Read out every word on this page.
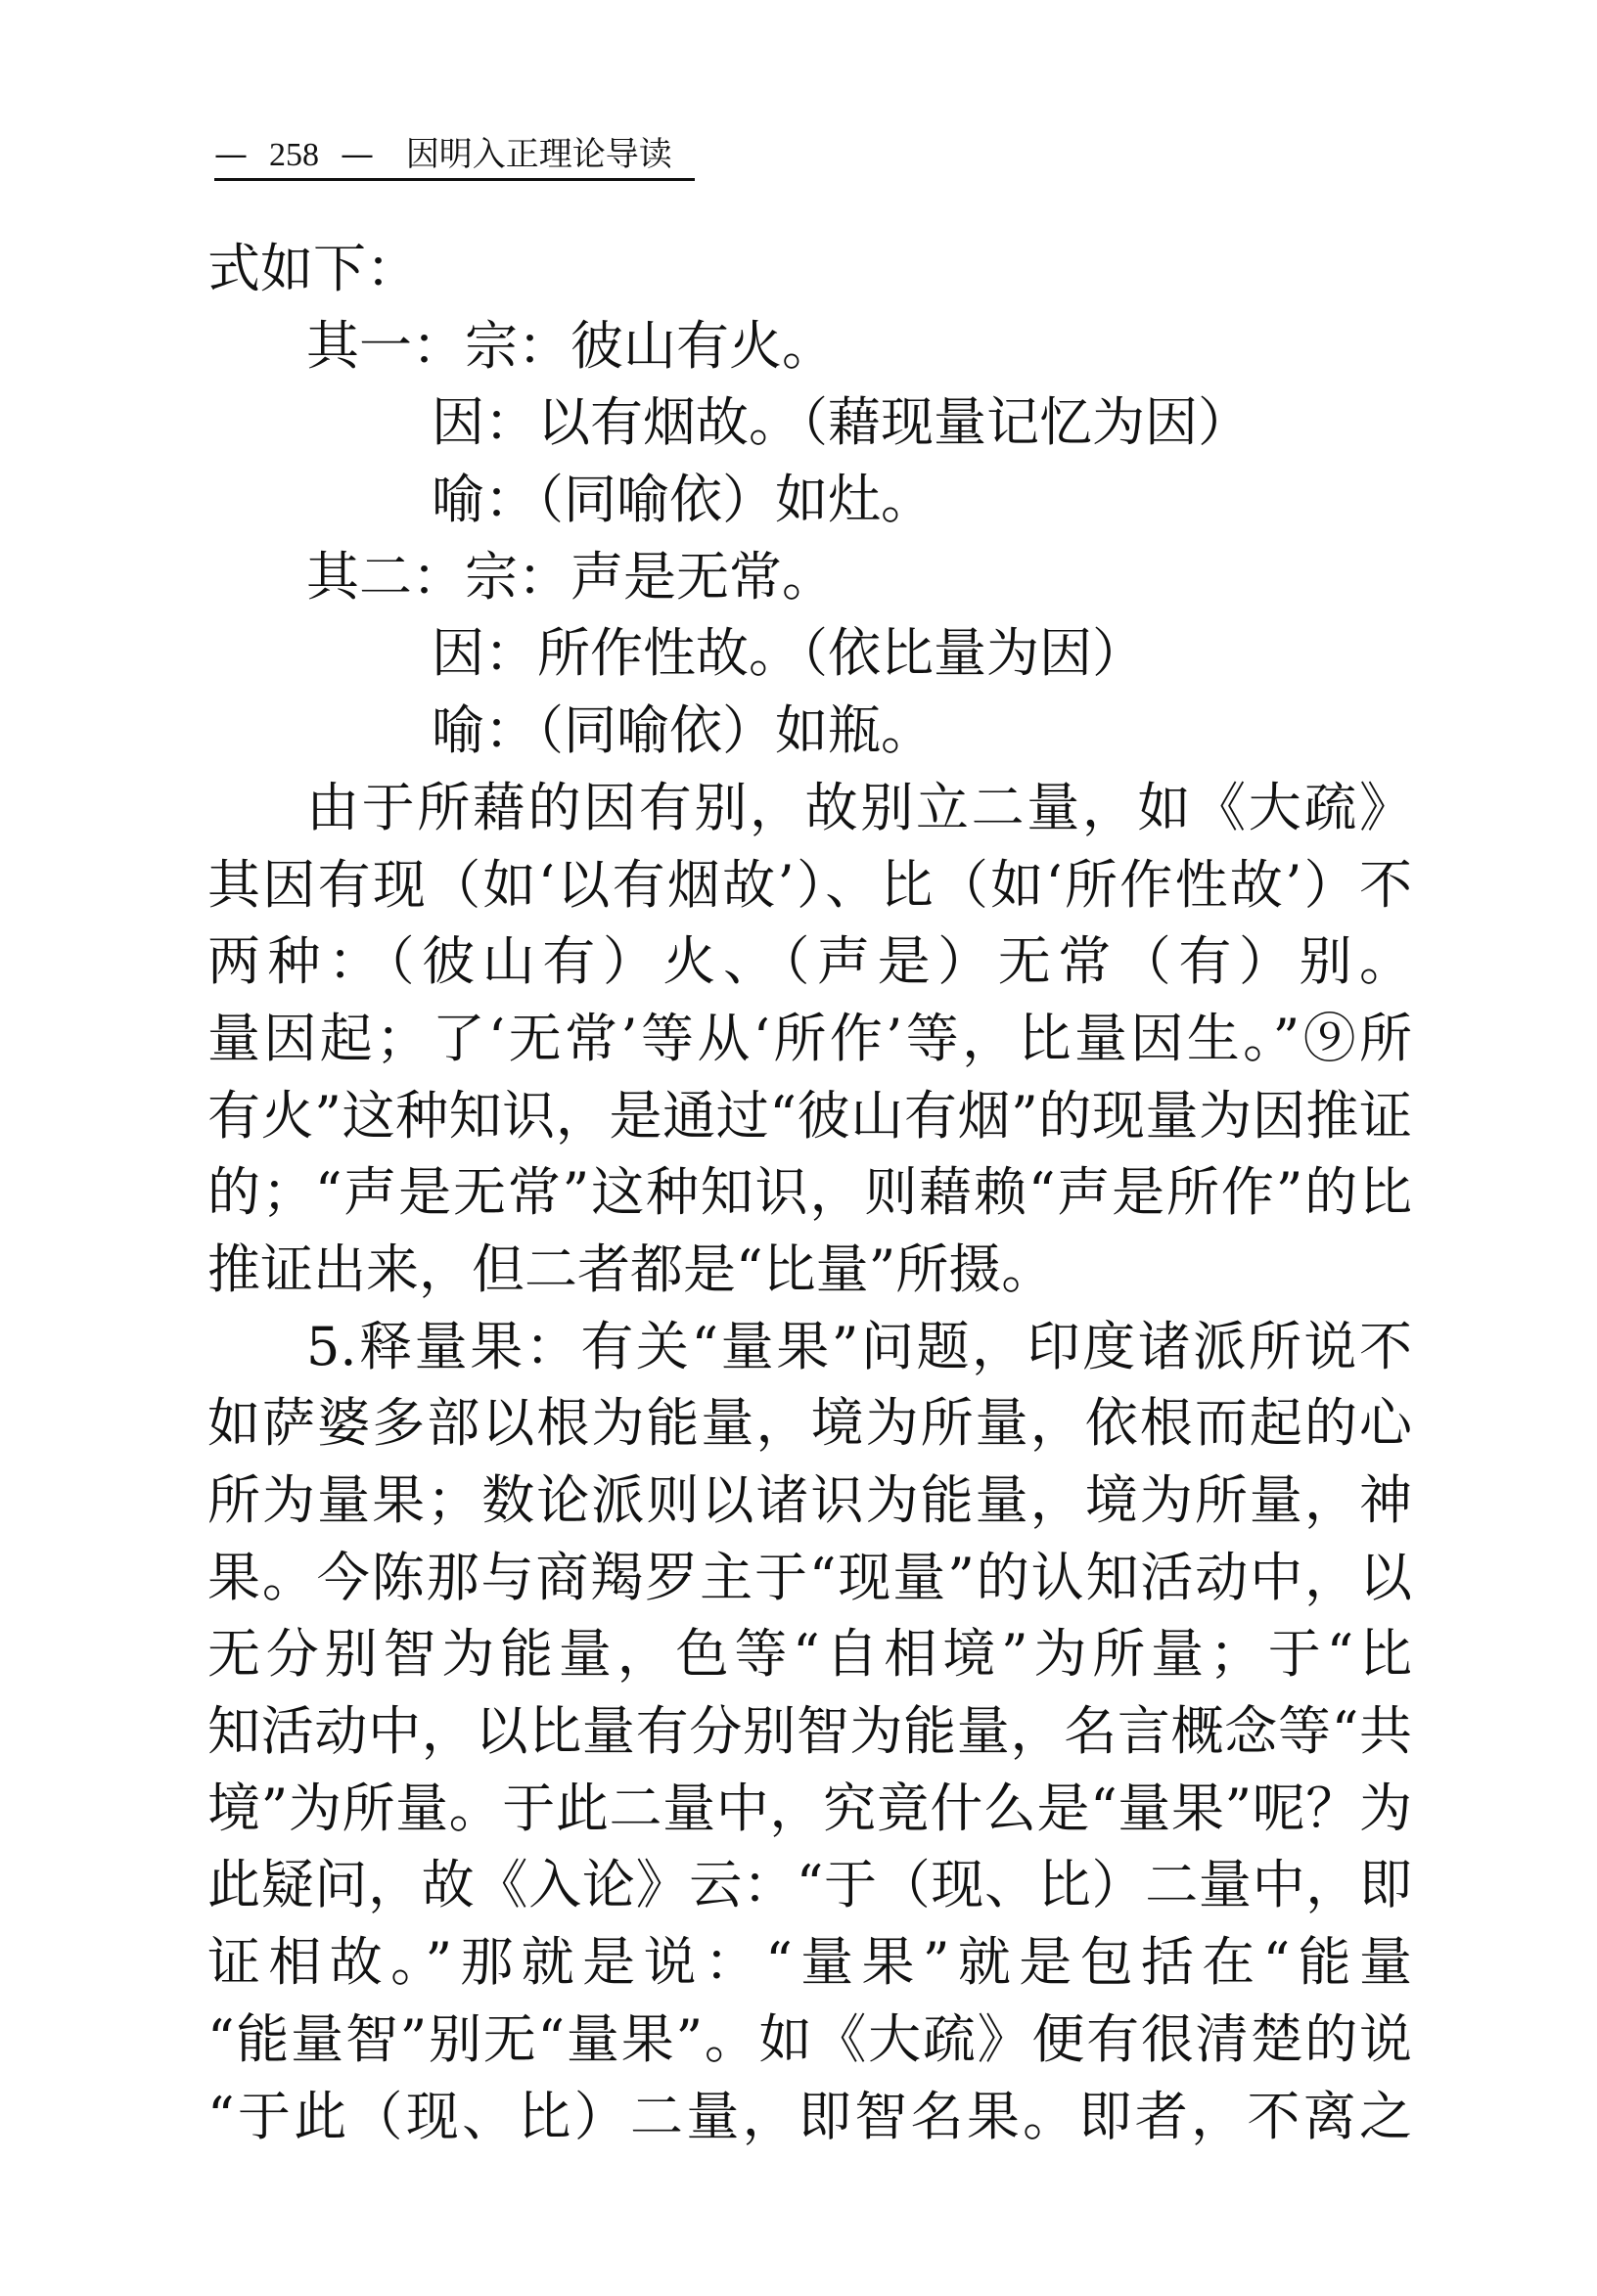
— 258 — 因明入正理论导读
式如下：
其一：宗：彼山有火。
因：以有烟故。（藉现量记忆为因）
喻：（同喻依）如灶。
其二：宗：声是无常。
因：所作性故。（依比量为因）
喻：（同喻依）如瓶。
由于所藉的因有别，故别立二量，如《大疏》
其因有现（如‘以有烟故’）、比（如‘所作性故’）不
两种：（彼山有）火、（声是）无常（有）别。
量因起；了‘无常’等从‘所作’等，比量因生。”⑨所
有火”这种知识，是通过“彼山有烟”的现量为因推证
的；“声是无常”这种知识，则藉赖“声是所作”的比
推证出来，但二者都是“比量”所摄。
5.释量果：有关“量果”问题，印度诸派所说不
如萨婆多部以根为能量，境为所量，依根而起的心
所为量果；数论派则以诸识为能量，境为所量，神
果。今陈那与商羯罗主于“现量”的认知活动中，以
无分别智为能量，色等“自相境”为所量；于“比
知活动中，以比量有分别智为能量，名言概念等“共
境”为所量。于此二量中，究竟什么是“量果”呢？为
此疑问，故《入论》云：“于（现、比）二量中，即
证相故。”那就是说：“量果”就是包括在“能量
“能量智”别无“量果”。如《大疏》便有很清楚的说
“于此（现、比）二量，即智名果。即者，不离之
